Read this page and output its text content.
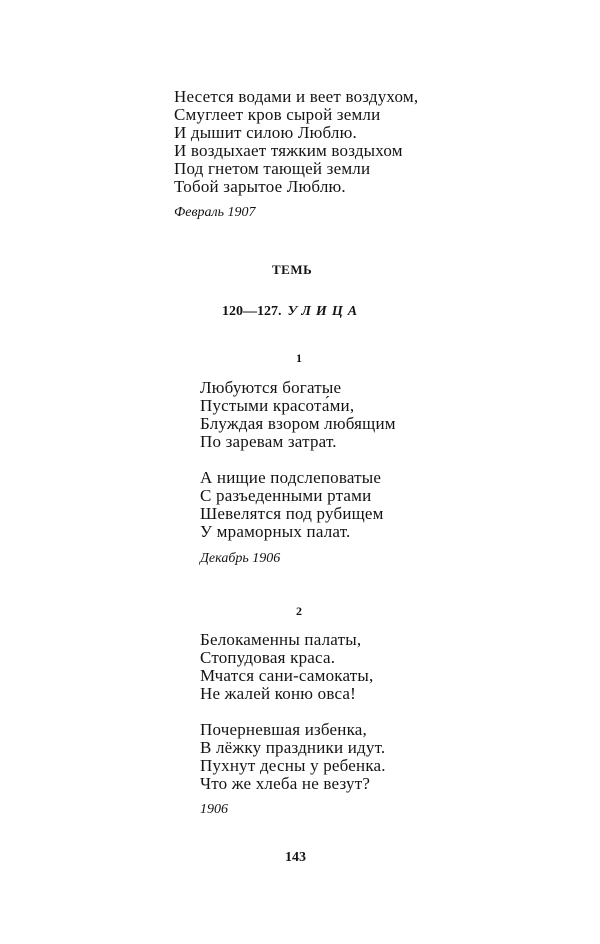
Несется водами и веет воздухом,
Смуглеет кров сырой земли
И дышит силою Люблю.
И воздыхает тяжким воздыхом
Под гнетом тающей земли
Тобой зарытое Люблю.
Февраль 1907
ТЕМЬ
120—127. УЛИЦА
1
Любуются богатые
Пустыми красота́ми,
Блуждая взором любящим
По заревам затрат.
А нищие подслеповатые
С разъеденными ртами
Шевелятся под рубищем
У мраморных палат.
Декабрь 1906
2
Белокаменны палаты,
Стопудовая краса.
Мчатся сани-самокаты,
Не жалей коню овса!
Почерневшая избенка,
В лёжку праздники идут.
Пухнут десны у ребенка.
Что же хлеба не везут?
1906
143
